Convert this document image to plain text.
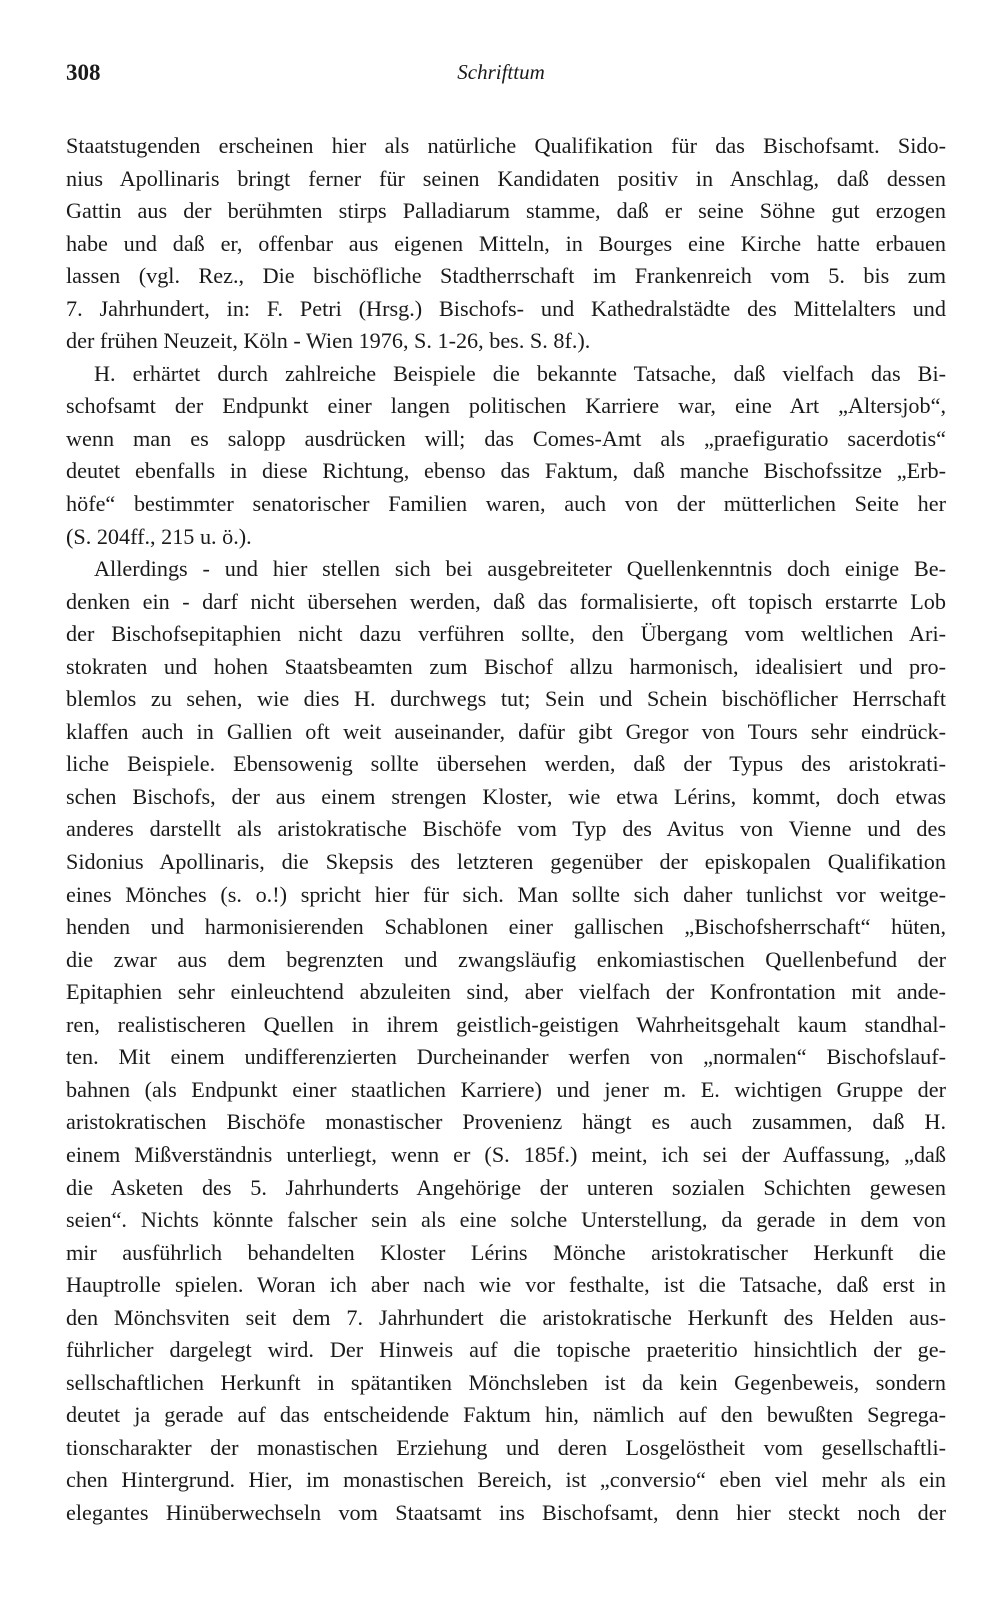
308	Schrifttum
Staatstugenden erscheinen hier als natürliche Qualifikation für das Bischofsamt. Sido-
nius Apollinaris bringt ferner für seinen Kandidaten positiv in Anschlag, daß dessen
Gattin aus der berühmten stirps Palladiarum stamme, daß er seine Söhne gut erzogen
habe und daß er, offenbar aus eigenen Mitteln, in Bourges eine Kirche hatte erbauen
lassen (vgl. Rez., Die bischöfliche Stadtherrschaft im Frankenreich vom 5. bis zum
7. Jahrhundert, in: F. Petri (Hrsg.) Bischofs- und Kathedralstädte des Mittelalters und
der frühen Neuzeit, Köln - Wien 1976, S. 1-26, bes. S. 8f.).
H. erhärtet durch zahlreiche Beispiele die bekannte Tatsache, daß vielfach das Bi-
schofsamt der Endpunkt einer langen politischen Karriere war, eine Art „Altersjob“,
wenn man es salopp ausdrücken will; das Comes-Amt als „praefiguratio sacerdotis“
deutet ebenfalls in diese Richtung, ebenso das Faktum, daß manche Bischofssitze „Erb-
höfe“ bestimmter senatorischer Familien waren, auch von der mütterlichen Seite her
(S. 204ff., 215 u. ö.).
Allerdings - und hier stellen sich bei ausgebreiteter Quellenkenntnis doch einige Be-
denken ein - darf nicht übersehen werden, daß das formalisierte, oft topisch erstarrte Lob
der Bischofsepitaphien nicht dazu verführen sollte, den Übergang vom weltlichen Ari-
stokraten und hohen Staatsbeamten zum Bischof allzu harmonisch, idealisiert und pro-
blemlos zu sehen, wie dies H. durchwegs tut; Sein und Schein bischöflicher Herrschaft
klaffen auch in Gallien oft weit auseinander, dafür gibt Gregor von Tours sehr eindrück-
liche Beispiele. Ebensowenig sollte übersehen werden, daß der Typus des aristokrati-
schen Bischofs, der aus einem strengen Kloster, wie etwa Lérins, kommt, doch etwas
anderes darstellt als aristokratische Bischöfe vom Typ des Avitus von Vienne und des
Sidonius Apollinaris, die Skepsis des letzteren gegenüber der episkopalen Qualifikation
eines Mönches (s. o.!) spricht hier für sich. Man sollte sich daher tunlichst vor weitge-
henden und harmonisierenden Schablonen einer gallischen „Bischofsherrschaft“ hüten,
die zwar aus dem begrenzten und zwangsläufig enkomiastischen Quellenbefund der
Epitaphien sehr einleuchtend abzuleiten sind, aber vielfach der Konfrontation mit ande-
ren, realistischeren Quellen in ihrem geistlich-geistigen Wahrheitsgehalt kaum standhal-
ten. Mit einem undifferenzierten Durcheinander werfen von „normalen“ Bischofslauf-
bahnen (als Endpunkt einer staatlichen Karriere) und jener m. E. wichtigen Gruppe der
aristokratischen Bischöfe monastischer Provenienz hängt es auch zusammen, daß H.
einem Mißverständnis unterliegt, wenn er (S. 185f.) meint, ich sei der Auffassung, „daß
die Asketen des 5. Jahrhunderts Angehörige der unteren sozialen Schichten gewesen
seien“. Nichts könnte falscher sein als eine solche Unterstellung, da gerade in dem von
mir ausführlich behandelten Kloster Lérins Mönche aristokratischer Herkunft die
Hauptrolle spielen. Woran ich aber nach wie vor festhalte, ist die Tatsache, daß erst in
den Mönchsviten seit dem 7. Jahrhundert die aristokratische Herkunft des Helden aus-
führlicher dargelegt wird. Der Hinweis auf die topische praeteritio hinsichtlich der ge-
sellschaftlichen Herkunft in spätantiken Mönchsleben ist da kein Gegenbeweis, sondern
deutet ja gerade auf das entscheidende Faktum hin, nämlich auf den bewußten Segrega-
tionscharakter der monastischen Erziehung und deren Losgelöstheit vom gesellschaftli-
chen Hintergrund. Hier, im monastischen Bereich, ist „conversio“ eben viel mehr als ein
elegantes Hinüberwechseln vom Staatsamt ins Bischofsamt, denn hier steckt noch der
